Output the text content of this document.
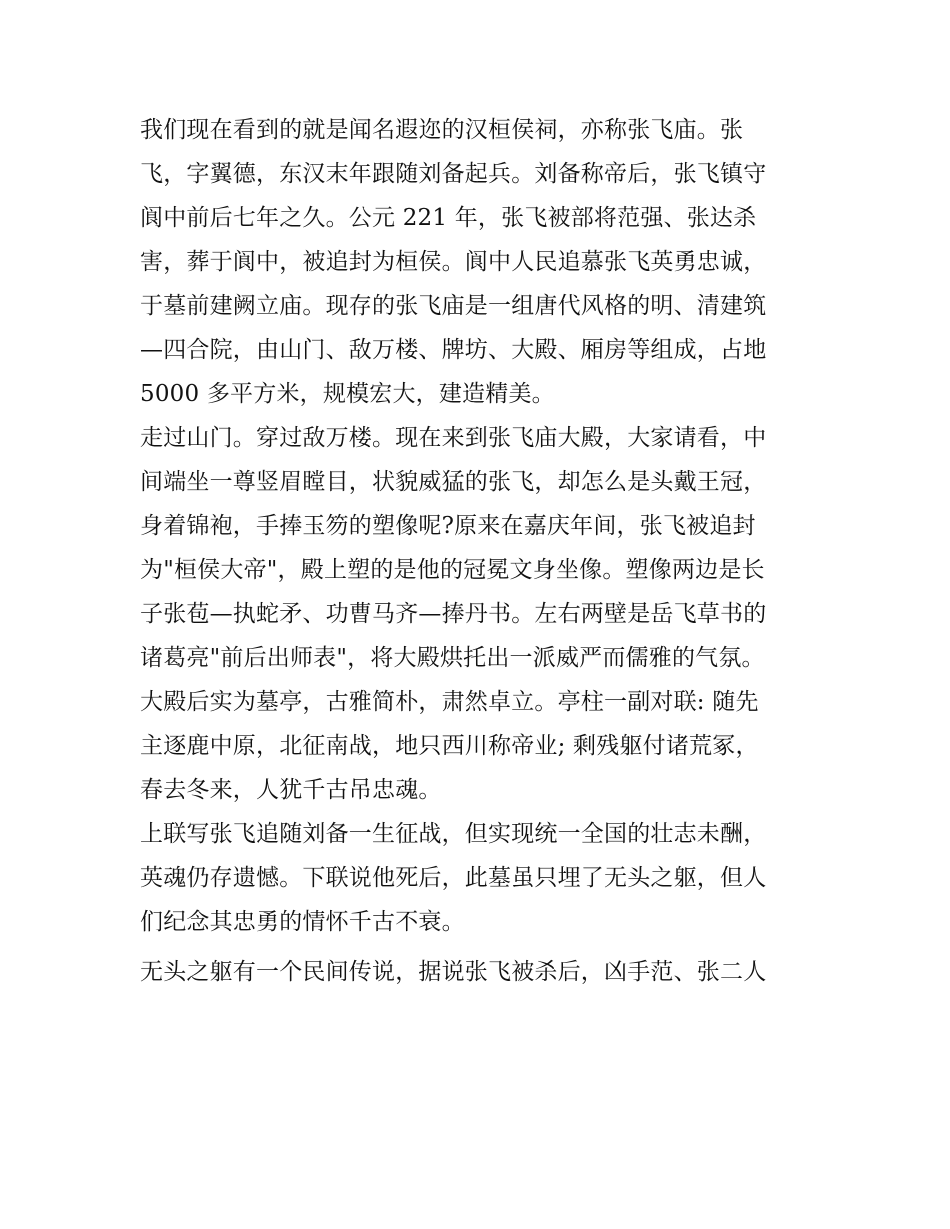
我们现在看到的就是闻名遐迩的汉桓侯祠，亦称张飞庙。张
飞，字翼德，东汉末年跟随刘备起兵。刘备称帝后，张飞镇守
阆中前后七年之久。公元 221 年，张飞被部将范强、张达杀
害，葬于阆中，被追封为桓侯。阆中人民追慕张飞英勇忠诚，
于墓前建阙立庙。现存的张飞庙是一组唐代风格的明、清建筑
—四合院，由山门、敌万楼、牌坊、大殿、厢房等组成，占地
5000 多平方米，规模宏大，建造精美。
走过山门。穿过敌万楼。现在来到张飞庙大殿，大家请看，中
间端坐一尊竖眉瞠目，状貌威猛的张飞，却怎么是头戴王冠，
身着锦袍，手捧玉笏的塑像呢?原来在嘉庆年间，张飞被追封
为"桓侯大帝"，殿上塑的是他的冠冕文身坐像。塑像两边是长
子张苞—执蛇矛、功曹马齐—捧丹书。左右两壁是岳飞草书的
诸葛亮"前后出师表"，将大殿烘托出一派威严而儒雅的气氛。
大殿后实为墓亭，古雅简朴，肃然卓立。亭柱一副对联: 随先
主逐鹿中原，北征南战，地只西川称帝业; 剩残躯付诸荒冢，
春去冬来，人犹千古吊忠魂。
上联写张飞追随刘备一生征战，但实现统一全国的壮志未酬，
英魂仍存遗憾。下联说他死后，此墓虽只埋了无头之躯，但人
们纪念其忠勇的情怀千古不衰。
无头之躯有一个民间传说，据说张飞被杀后，凶手范、张二人
